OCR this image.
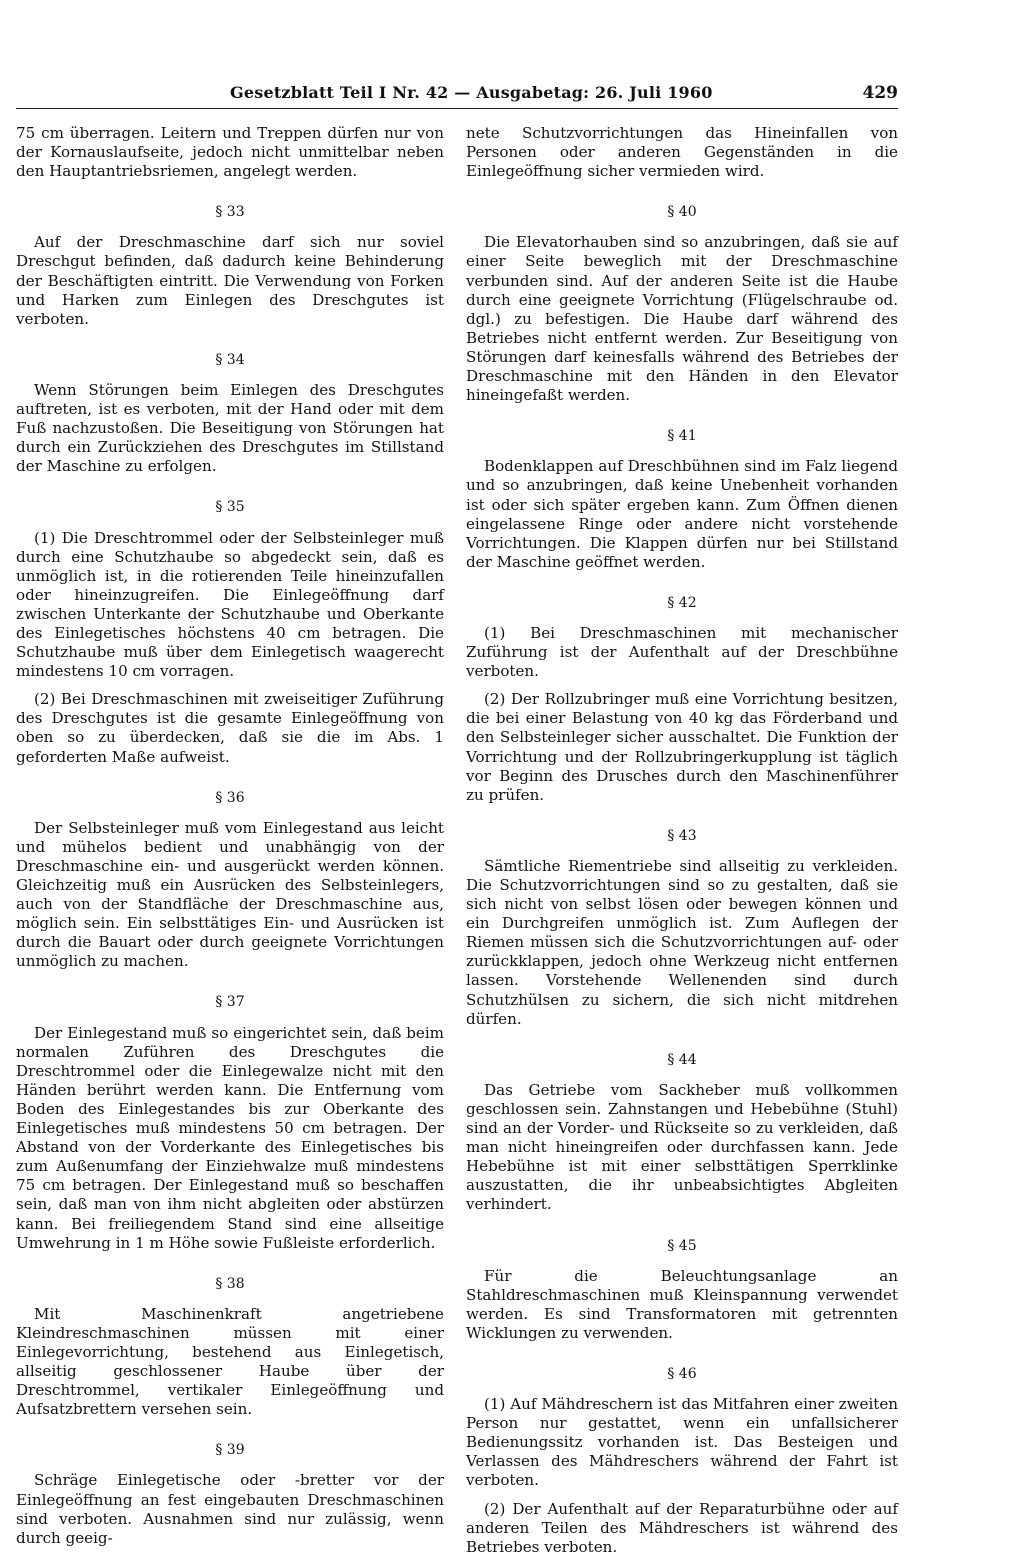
Gesetzblatt Teil I Nr. 42 — Ausgabetag: 26. Juli 1960	429

75 cm überragen. Leitern und Treppen dürfen nur von der Kornauslaufseite, jedoch nicht unmittelbar neben den Hauptantriebsriemen, angelegt werden.

§ 33

Auf der Dreschmaschine darf sich nur soviel Dreschgut befinden, daß dadurch keine Behinderung der Beschäftigten eintritt. Die Verwendung von Forken und Harken zum Einlegen des Dreschgutes ist verboten.

§ 34

Wenn Störungen beim Einlegen des Dreschgutes auftreten, ist es verboten, mit der Hand oder mit dem Fuß nachzustoßen. Die Beseitigung von Störungen hat durch ein Zurückziehen des Dreschgutes im Stillstand der Maschine zu erfolgen.

§ 35

(1) Die Dreschtrommel oder der Selbsteinleger muß durch eine Schutzhaube so abgedeckt sein, daß es unmöglich ist, in die rotierenden Teile hineinzufallen oder hineinzugreifen. Die Einlegeöffnung darf zwischen Unterkante der Schutzhaube und Oberkante des Einlegetisches höchstens 40 cm betragen. Die Schutzhaube muß über dem Einlegetisch waagerecht mindestens 10 cm vorragen.

(2) Bei Dreschmaschinen mit zweiseitiger Zuführung des Dreschgutes ist die gesamte Einlegeöffnung von oben so zu überdecken, daß sie die im Abs. 1 geforderten Maße aufweist.

§ 36

Der Selbsteinleger muß vom Einlegestand aus leicht und mühelos bedient und unabhängig von der Dreschmaschine ein- und ausgerückt werden können. Gleichzeitig muß ein Ausrücken des Selbsteinlegers, auch von der Standfläche der Dreschmaschine aus, möglich sein. Ein selbsttätiges Ein- und Ausrücken ist durch die Bauart oder durch geeignete Vorrichtungen unmöglich zu machen.

§ 37

Der Einlegestand muß so eingerichtet sein, daß beim normalen Zuführen des Dreschgutes die Dreschtrommel oder die Einlegewalze nicht mit den Händen berührt werden kann. Die Entfernung vom Boden des Einlegestandes bis zur Oberkante des Einlegetisches muß mindestens 50 cm betragen. Der Abstand von der Vorderkante des Einlegetisches bis zum Außenumfang der Einziehwalze muß mindestens 75 cm betragen. Der Einlegestand muß so beschaffen sein, daß man von ihm nicht abgleiten oder abstürzen kann. Bei freiliegendem Stand sind eine allseitige Umwehrung in 1 m Höhe sowie Fußleiste erforderlich.

§ 38

Mit Maschinenkraft angetriebene Kleindreschmaschinen müssen mit einer Einlegevorrichtung, bestehend aus Einlegetisch, allseitig geschlossener Haube über der Dreschtrommel, vertikaler Einlegeöffnung und Aufsatzbrettern versehen sein.

§ 39

Schräge Einlegetische oder -bretter vor der Einlegeöffnung an fest eingebauten Dreschmaschinen sind verboten. Ausnahmen sind nur zulässig, wenn durch geeig-

nete Schutzvorrichtungen das Hineinfallen von Personen oder anderen Gegenständen in die Einlegeöffnung sicher vermieden wird.

§ 40

Die Elevatorhauben sind so anzubringen, daß sie auf einer Seite beweglich mit der Dreschmaschine verbunden sind. Auf der anderen Seite ist die Haube durch eine geeignete Vorrichtung (Flügelschraube od. dgl.) zu befestigen. Die Haube darf während des Betriebes nicht entfernt werden. Zur Beseitigung von Störungen darf keinesfalls während des Betriebes der Dreschmaschine mit den Händen in den Elevator hineingefaßt werden.

§ 41

Bodenklappen auf Dreschbühnen sind im Falz liegend und so anzubringen, daß keine Unebenheit vorhanden ist oder sich später ergeben kann. Zum Öffnen dienen eingelassene Ringe oder andere nicht vorstehende Vorrichtungen. Die Klappen dürfen nur bei Stillstand der Maschine geöffnet werden.

§ 42

(1) Bei Dreschmaschinen mit mechanischer Zuführung ist der Aufenthalt auf der Dreschbühne verboten.

(2) Der Rollzubringer muß eine Vorrichtung besitzen, die bei einer Belastung von 40 kg das Förderband und den Selbsteinleger sicher ausschaltet. Die Funktion der Vorrichtung und der Rollzubringerkupplung ist täglich vor Beginn des Drusches durch den Maschinenführer zu prüfen.

§ 43

Sämtliche Riementriebe sind allseitig zu verkleiden. Die Schutzvorrichtungen sind so zu gestalten, daß sie sich nicht von selbst lösen oder bewegen können und ein Durchgreifen unmöglich ist. Zum Auflegen der Riemen müssen sich die Schutzvorrichtungen auf- oder zurückklappen, jedoch ohne Werkzeug nicht entfernen lassen. Vorstehende Wellenenden sind durch Schutzhülsen zu sichern, die sich nicht mitdrehen dürfen.

§ 44

Das Getriebe vom Sackheber muß vollkommen geschlossen sein. Zahnstangen und Hebebühne (Stuhl) sind an der Vorder- und Rückseite so zu verkleiden, daß man nicht hineingreifen oder durchfassen kann. Jede Hebebühne ist mit einer selbsttätigen Sperrklinke auszustatten, die ihr unbeabsichtigtes Abgleiten verhindert.

§ 45

Für die Beleuchtungsanlage an Stahldreschmaschinen muß Kleinspannung verwendet werden. Es sind Transformatoren mit getrennten Wicklungen zu verwenden.

§ 46

(1) Auf Mähdreschern ist das Mitfahren einer zweiten Person nur gestattet, wenn ein unfallsicherer Bedienungssitz vorhanden ist. Das Besteigen und Verlassen des Mähdreschers während der Fahrt ist verboten.

(2) Der Aufenthalt auf der Reparaturbühne oder auf anderen Teilen des Mähdreschers ist während des Betriebes verboten.
